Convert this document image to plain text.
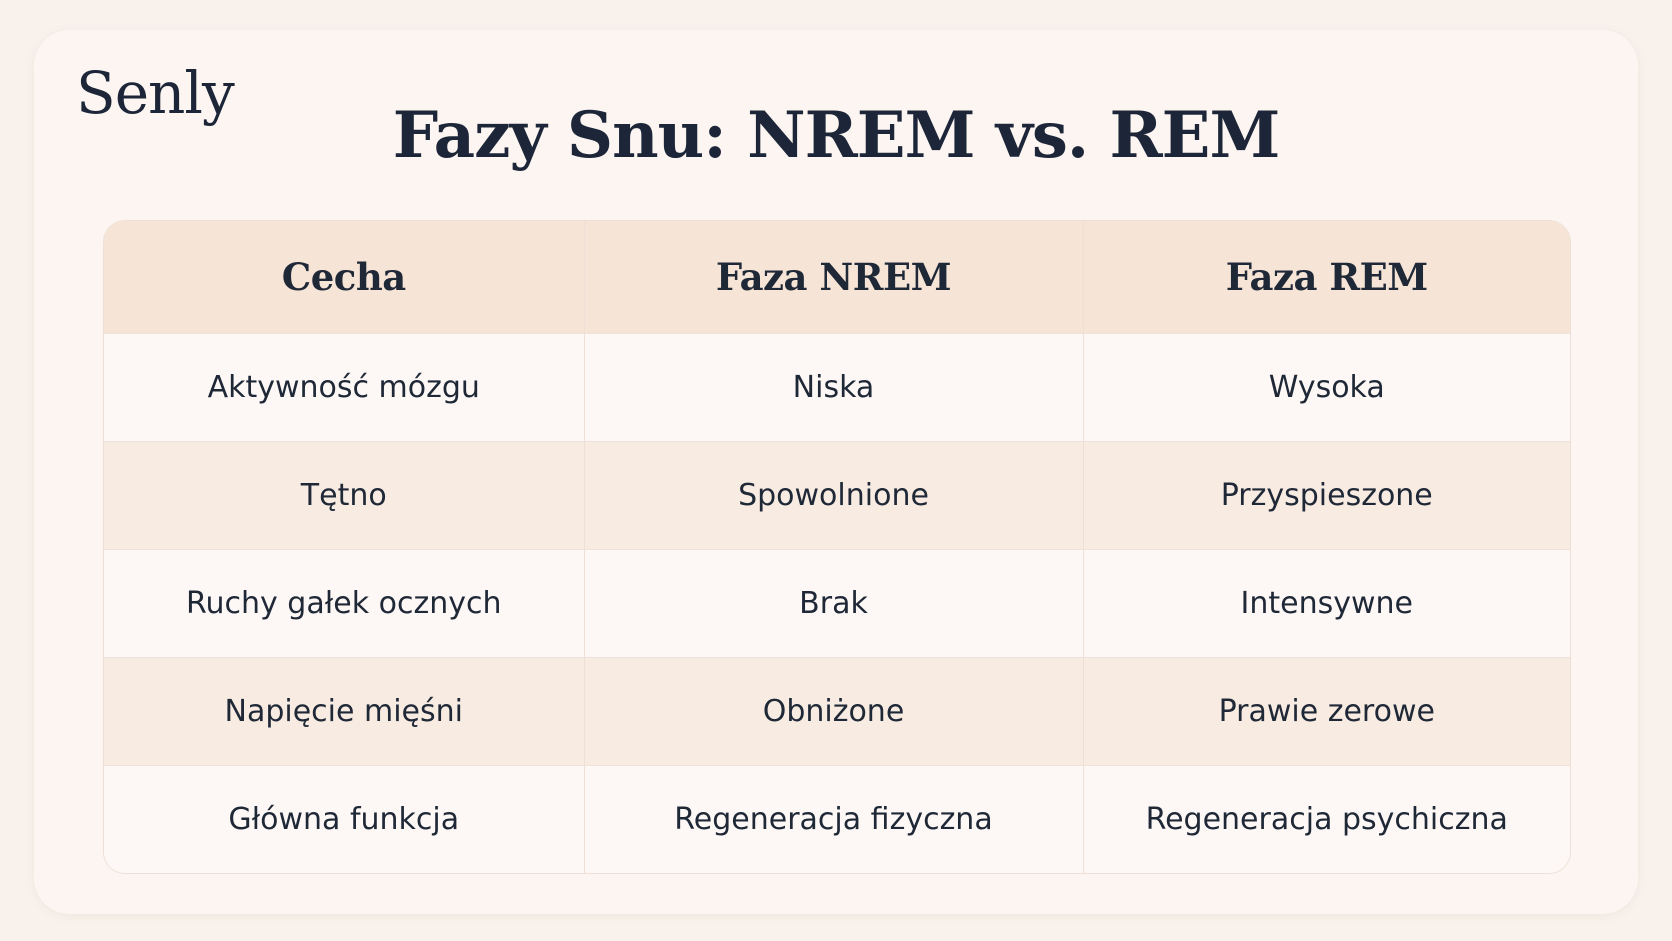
Senly
Fazy Snu: NREM vs. REM
Cecha	Faza NREM	Faza REM
Aktywność mózgu	Niska	Wysoka
Tętno	Spowolnione	Przyspieszone
Ruchy gałek ocznych	Brak	Intensywne
Napięcie mięśni	Obniżone	Prawie zerowe
Główna funkcja	Regeneracja fizyczna	Regeneracja psychiczna
